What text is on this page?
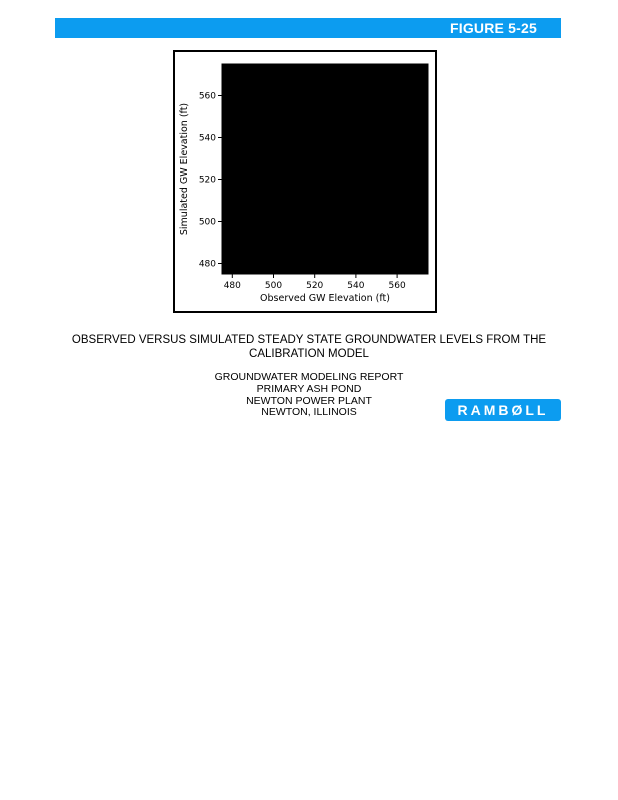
FIGURE 5-25
480	500	520	540	560
480
500
520
540
560
Observed GW Elevation (ft)
Simulated GW Elevation (ft)
OBSERVED VERSUS SIMULATED STEADY STATE GROUNDWATER LEVELS FROM THE
CALIBRATION MODEL
GROUNDWATER MODELING REPORT
PRIMARY ASH POND
NEWTON POWER PLANT
NEWTON, ILLINOIS	RAMBØLL
